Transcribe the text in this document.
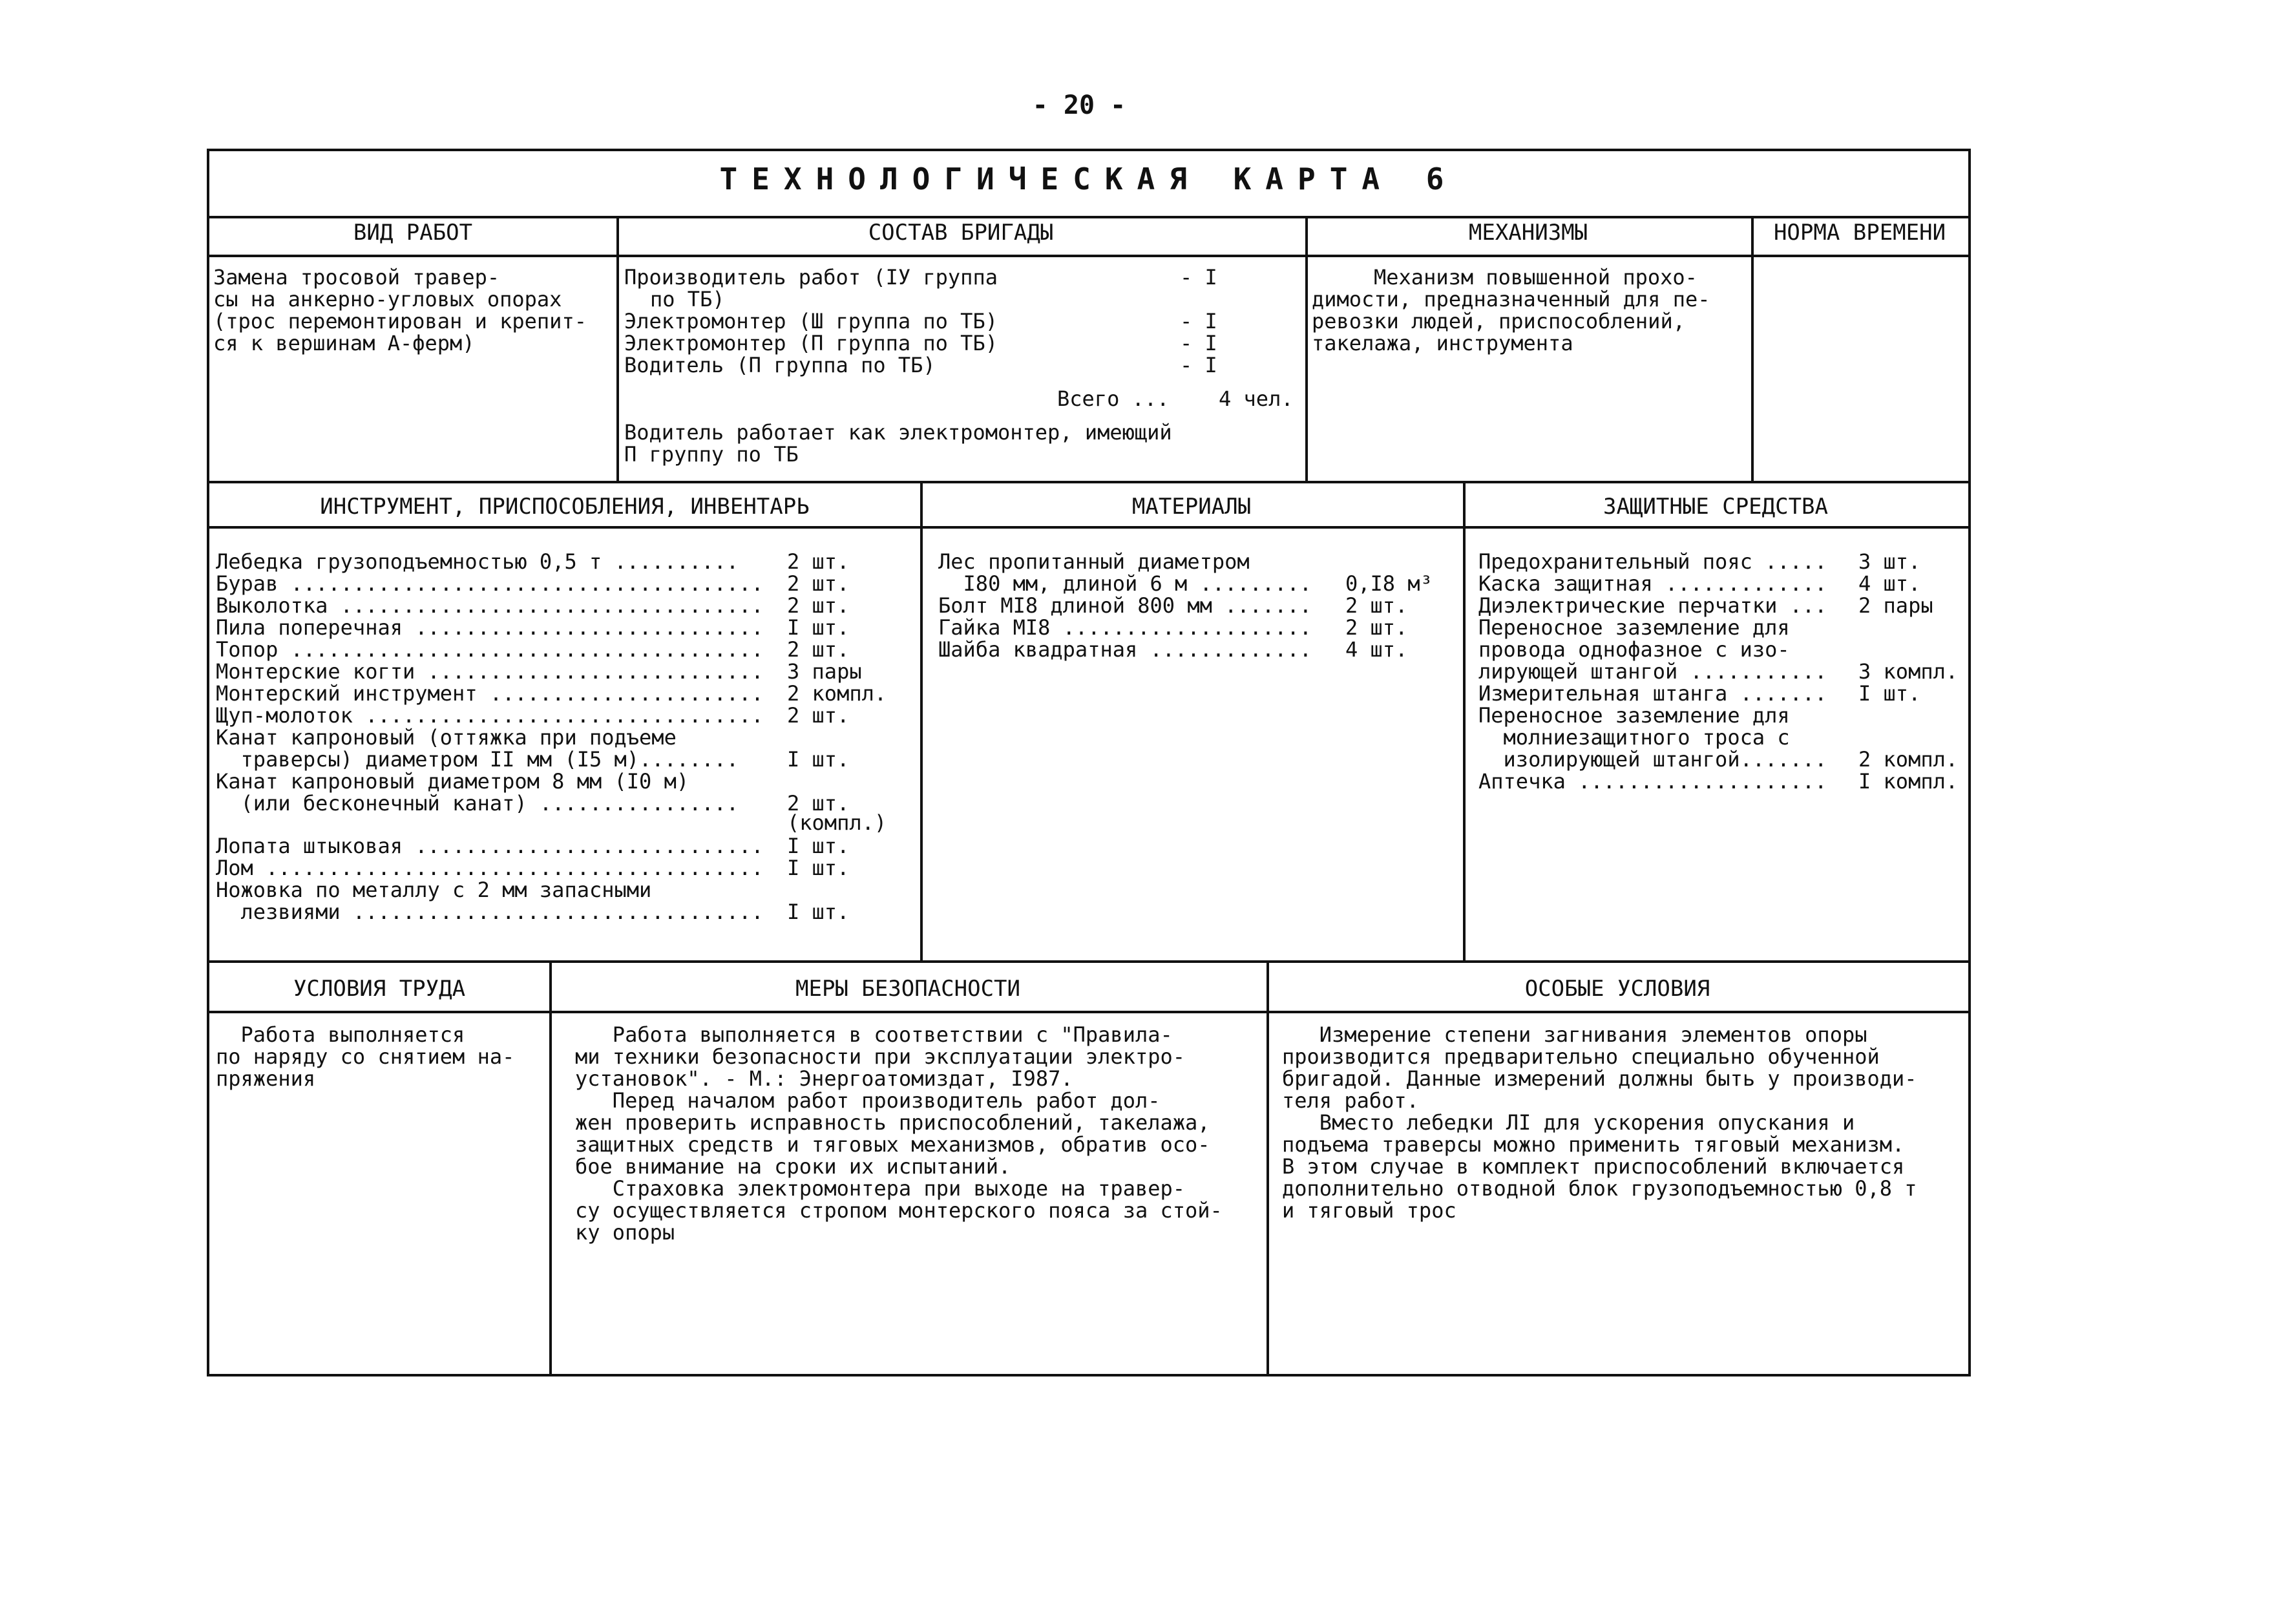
- 20 -
ТЕХНОЛОГИЧЕСКАЯ КАРТА 6
ВИД РАБОТ	СОСТАВ БРИГАДЫ	МЕХАНИЗМЫ	НОРМА ВРЕМЕНИ
Замена тросовой травер-
сы на анкерно-угловых опорах
(трос перемонтирован и крепит-
ся к вершинам А-ферм)
Производитель работ (IУ группа	- I
по ТБ)
Электромонтер (Ш группа по ТБ)	- I
Электромонтер (П группа по ТБ)	- I
Водитель (П группа по ТБ)	- I
Всего ... 4 чел.
Водитель работает как электромонтер, имеющий
П группу по ТБ
Механизм повышенной прохо-
димости, предназначенный для пе-
ревозки людей, приспособлений,
такелажа, инструмента
ИНСТРУМЕНТ, ПРИСПОСОБЛЕНИЯ, ИНВЕНТАРЬ	МАТЕРИАЛЫ	ЗАЩИТНЫЕ СРЕДСТВА
Лебедка грузоподъемностью 0,5 т .......... 2 шт.
Бурав ...................................... 2 шт.
Выколотка .................................. 2 шт.
Пила поперечная ............................ I шт.
Топор ...................................... 2 шт.
Монтерские когти ........................... 3 пары
Монтерский инструмент ...................... 2 компл.
Щуп-молоток ................................ 2 шт.
Канат капроновый (оттяжка при подъеме
траверсы) диаметром II мм (I5 м)........ I шт.
Канат капроновый диаметром 8 мм (I0 м)
(или бесконечный канат) ................ 2 шт.
(компл.)
Лопата штыковая ............................ I шт.
Лом ........................................ I шт.
Ножовка по металлу с 2 мм запасными
лезвиями ................................. I шт.
Лес пропитанный диаметром
I80 мм, длиной 6 м ......... 0,I8 м³
Болт МI8 длиной 800 мм ....... 2 шт.
Гайка МI8 .................... 2 шт.
Шайба квадратная ............. 4 шт.
Предохранительный пояс ..... 3 шт.
Каска защитная ............. 4 шт.
Диэлектрические перчатки ... 2 пары
Переносное заземление для
провода однофазное с изо-
лирующей штангой ........... 3 компл.
Измерительная штанга ....... I шт.
Переносное заземление для
молниезащитного троса с
изолирующей штангой....... 2 компл.
Аптечка .................... I компл.
УСЛОВИЯ ТРУДА	МЕРЫ БЕЗОПАСНОСТИ	ОСОБЫЕ УСЛОВИЯ
Работа выполняется
по наряду со снятием на-
пряжения
Работа выполняется в соответствии с "Правила-
ми техники безопасности при эксплуатации электро-
установок". - М.: Энергоатомиздат, I987.
Перед началом работ производитель работ дол-
жен проверить исправность приспособлений, такелажа,
защитных средств и тяговых механизмов, обратив осо-
бое внимание на сроки их испытаний.
Страховка электромонтера при выходе на травер-
су осуществляется стропом монтерского пояса за стой-
ку опоры
Измерение степени загнивания элементов опоры
производится предварительно специально обученной
бригадой. Данные измерений должны быть у производи-
теля работ.
Вместо лебедки ЛI для ускорения опускания и
подъема траверсы можно применить тяговый механизм.
В этом случае в комплект приспособлений включается
дополнительно отводной блок грузоподъемностью 0,8 т
и тяговый трос
